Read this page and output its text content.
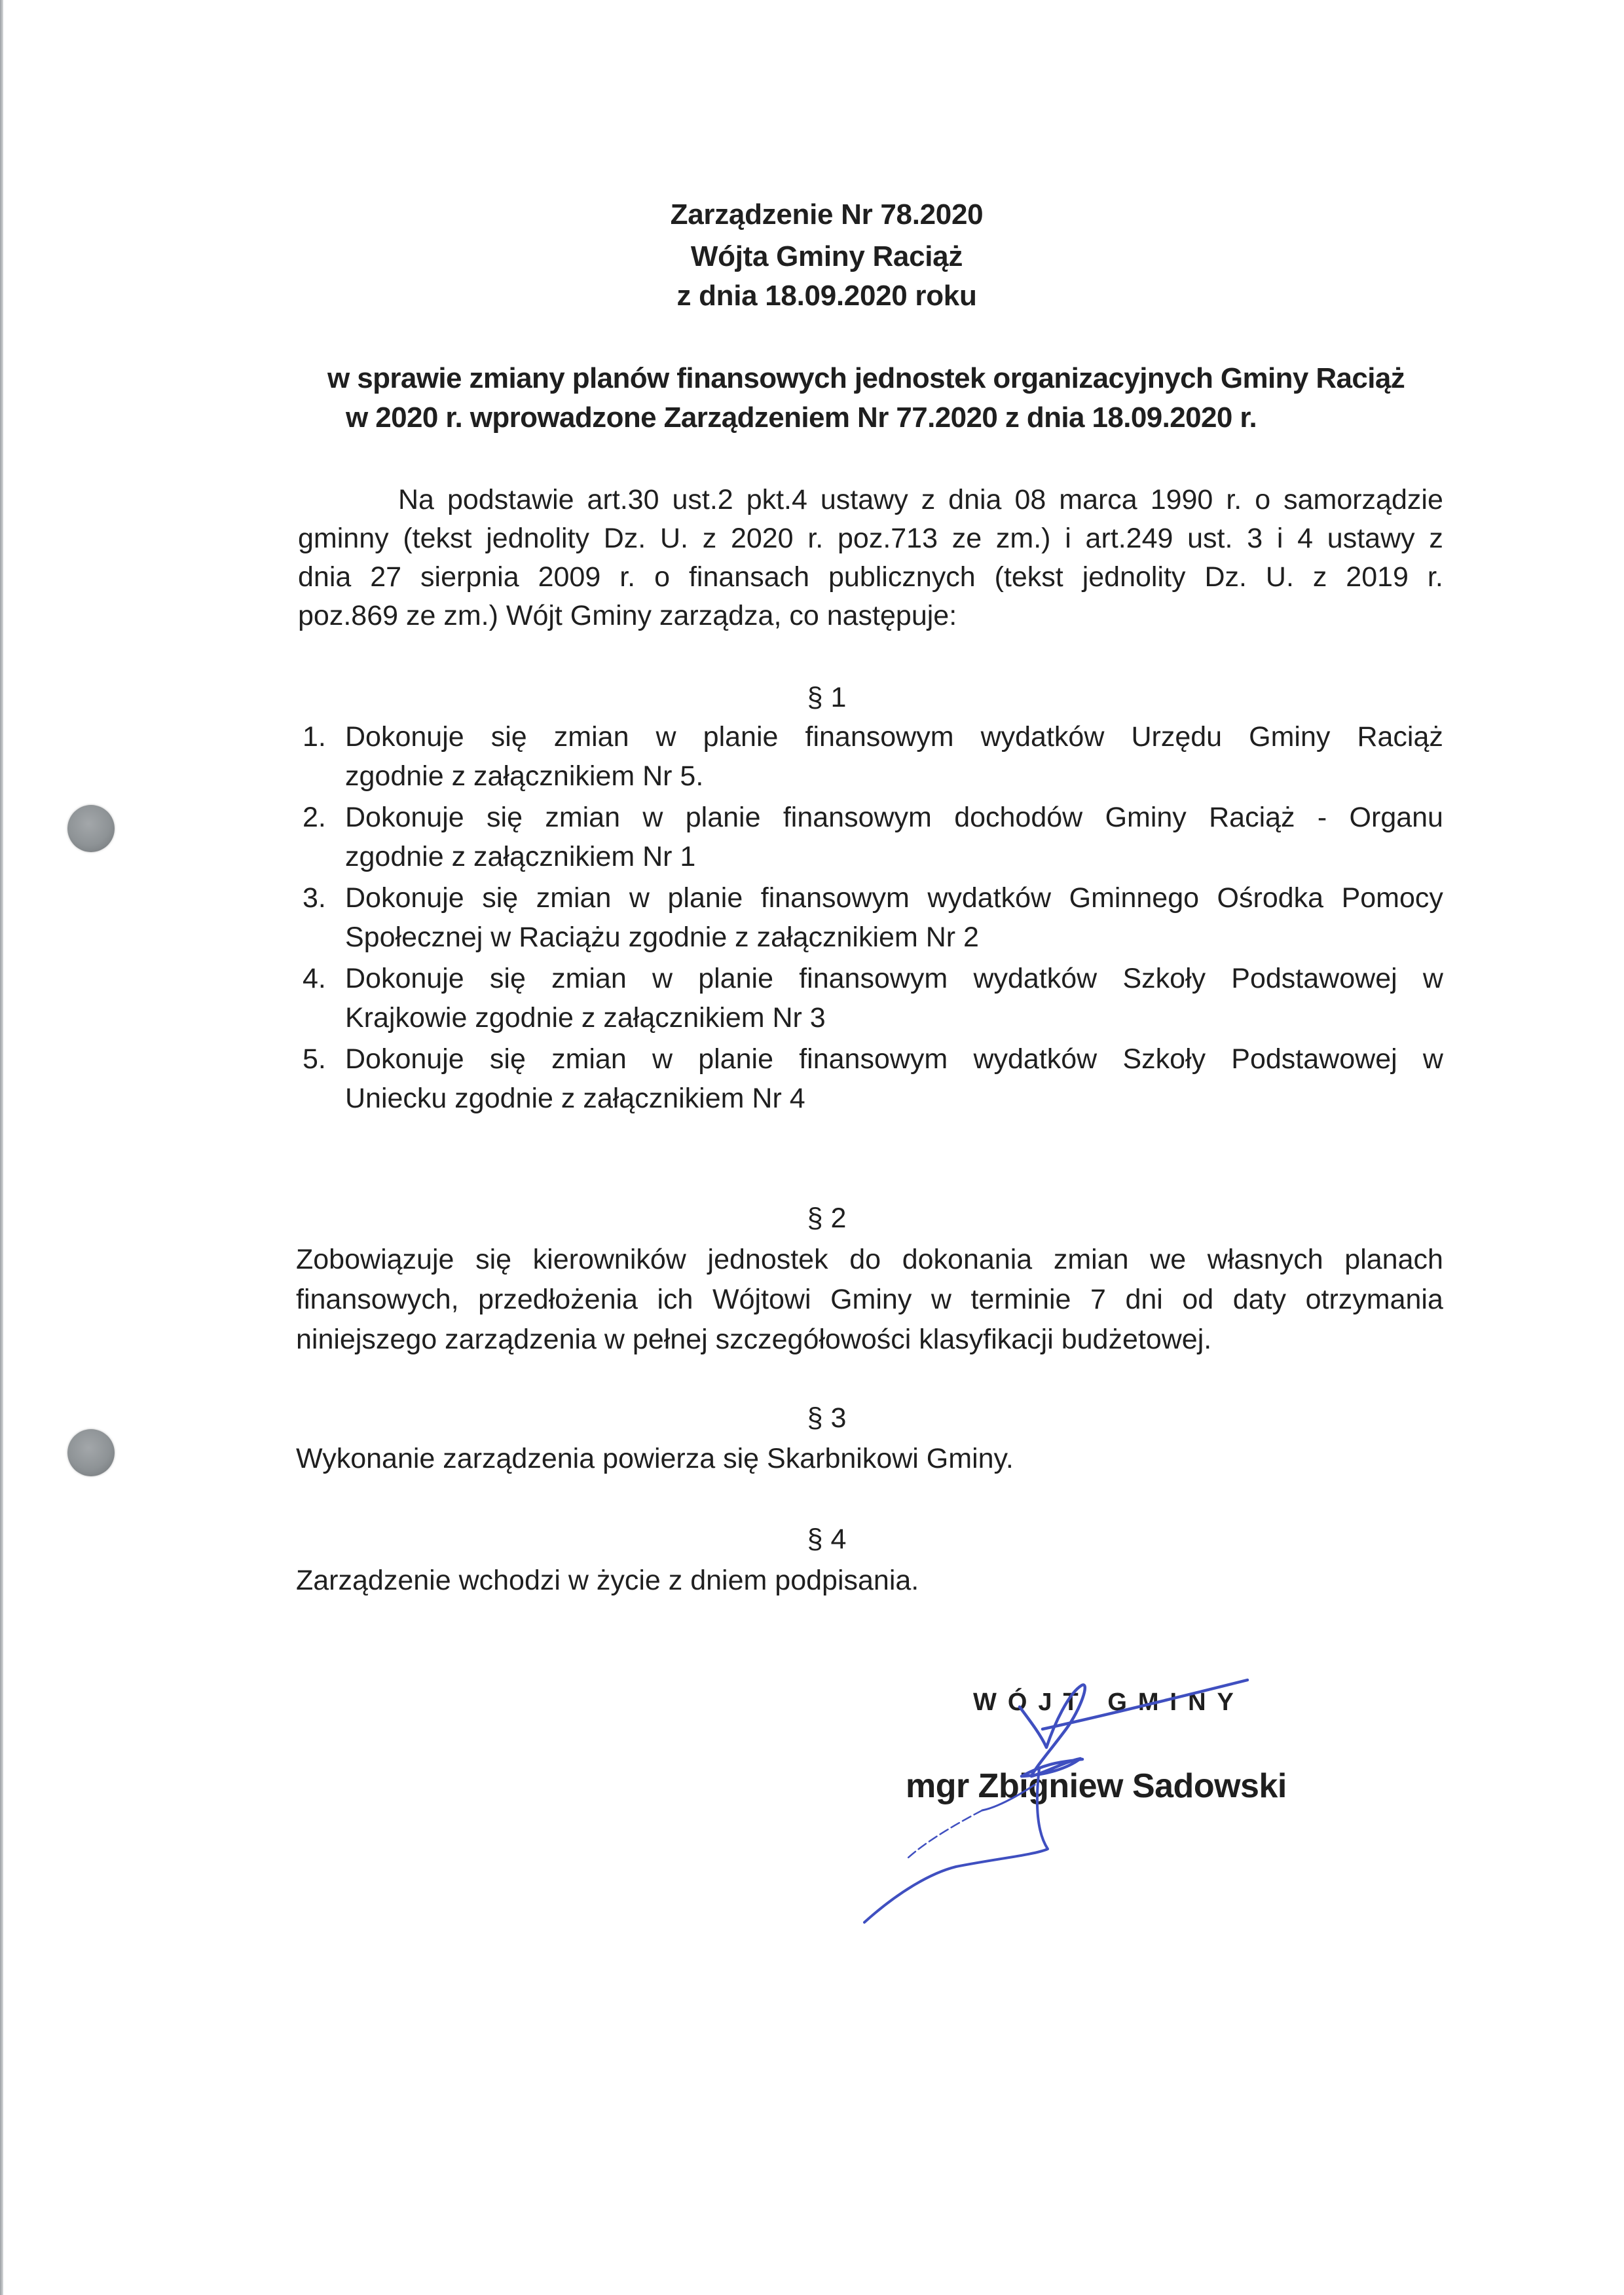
Zarządzenie Nr 78.2020
Wójta Gminy Raciąż
z dnia 18.09.2020 roku
w sprawie zmiany planów finansowych jednostek organizacyjnych Gminy Raciąż
w 2020 r. wprowadzone Zarządzeniem Nr 77.2020 z dnia 18.09.2020 r.
Na podstawie art.30 ust.2 pkt.4 ustawy z dnia 08 marca 1990 r. o samorządzie
gminny (tekst jednolity Dz. U. z 2020 r. poz.713 ze zm.) i art.249 ust. 3 i 4 ustawy z
dnia 27 sierpnia 2009 r. o finansach publicznych (tekst jednolity Dz. U. z 2019 r.
poz.869 ze zm.) Wójt Gminy zarządza, co następuje:
§ 1
1. Dokonuje się zmian w planie finansowym wydatków Urzędu Gminy Raciąż
zgodnie z załącznikiem Nr 5.
2. Dokonuje się zmian w planie finansowym dochodów Gminy Raciąż - Organu
zgodnie z załącznikiem Nr 1
3. Dokonuje się zmian w planie finansowym wydatków Gminnego Ośrodka Pomocy
Społecznej w Raciążu zgodnie z załącznikiem Nr 2
4. Dokonuje się zmian w planie finansowym wydatków Szkoły Podstawowej w
Krajkowie zgodnie z załącznikiem Nr 3
5. Dokonuje się zmian w planie finansowym wydatków Szkoły Podstawowej w
Uniecku zgodnie z załącznikiem Nr 4
§ 2
Zobowiązuje się kierowników jednostek do dokonania zmian we własnych planach
finansowych, przedłożenia ich Wójtowi Gminy w terminie 7 dni od daty otrzymania
niniejszego zarządzenia w pełnej szczegółowości klasyfikacji budżetowej.
§ 3
Wykonanie zarządzenia powierza się Skarbnikowi Gminy.
§ 4
Zarządzenie wchodzi w życie z dniem podpisania.
WÓJT GMINY
mgr Zbigniew Sadowski
